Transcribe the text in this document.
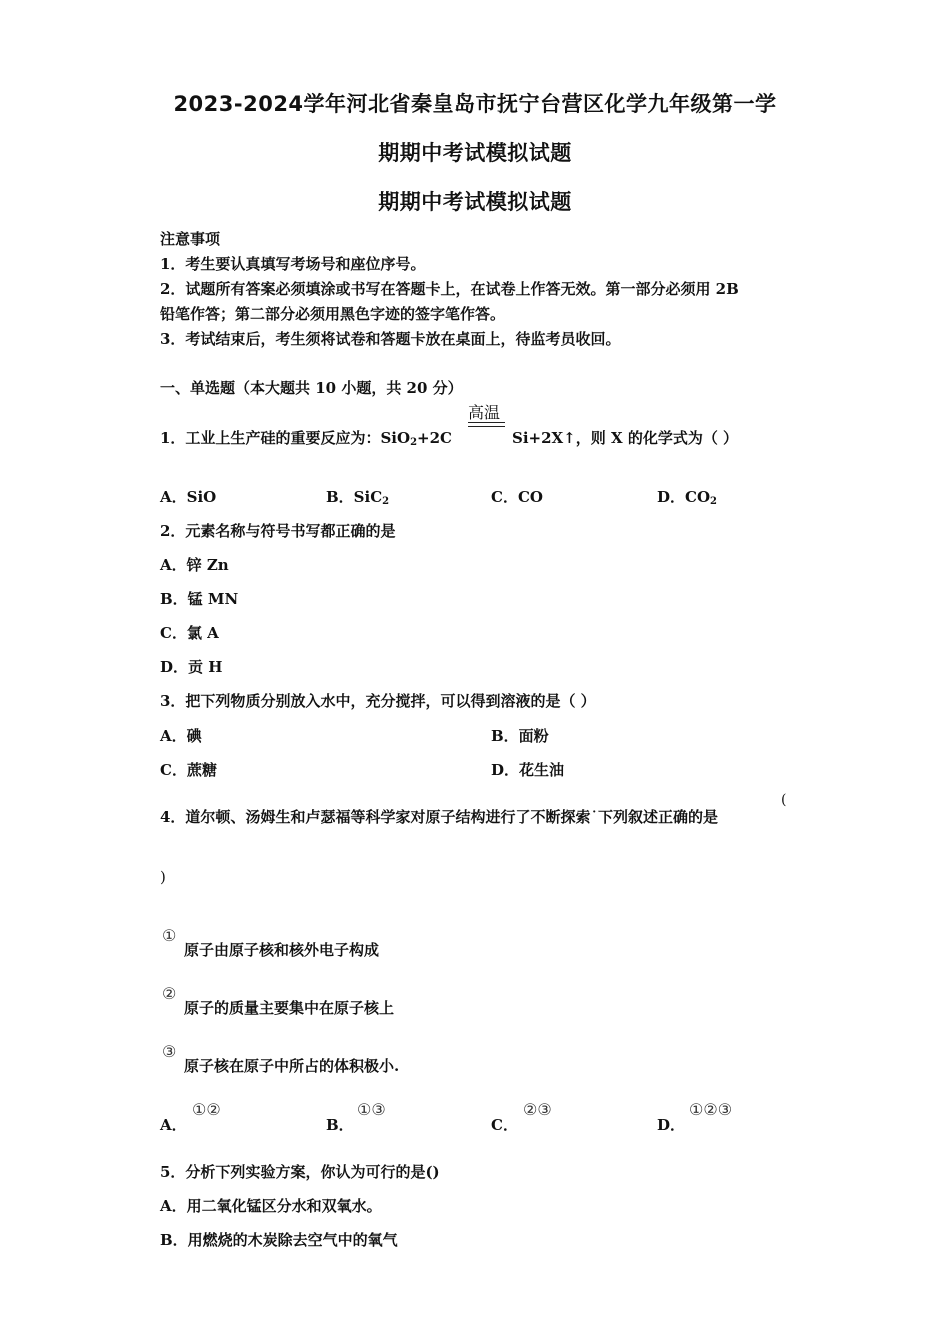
2023-2024学年河北省秦皇岛市抚宁台营区化学九年级第一学
期期中考试模拟试题
期期中考试模拟试题
注意事项
1．考生要认真填写考场号和座位序号。
2．试题所有答案必须填涂或书写在答题卡上，在试卷上作答无效。第一部分必须用 2B
铅笔作答；第二部分必须用黑色字迹的签字笔作答。
3．考试结束后，考生须将试卷和答题卡放在桌面上，待监考员收回。
一、单选题（本大题共 10 小题，共 20 分）
1．工业上生产硅的重要反应为：SiO$_2$+2C
高温
Si+2X↑，则 X 的化学式为（ ）
A．SiO	B．SiC$_2$	C．CO	D．$CO_2$
2．元素名称与符号书写都正确的是
A．锌 Zn
B．锰 MN
C．氯 A
D．贡 H
3．把下列物质分别放入水中，充分搅拌，可以得到溶液的是（ ）
A．碘	B．面粉
C．蔗糖	D．花生油
4．道尔顿、汤姆生和卢瑟福等科学家对原子结构进行了不断探索˙下列叙述正确的是
(
)
①
原子由原子核和核外电子构成
②
原子的质量主要集中在原子核上
③
原子核在原子中所占的体积极小.
A．
①②
B．
①③
C．
②③
D．
①②③
5．分析下列实验方案，你认为可行的是()
A．用二氧化锰区分水和双氧水。
B．用燃烧的木炭除去空气中的氧气
